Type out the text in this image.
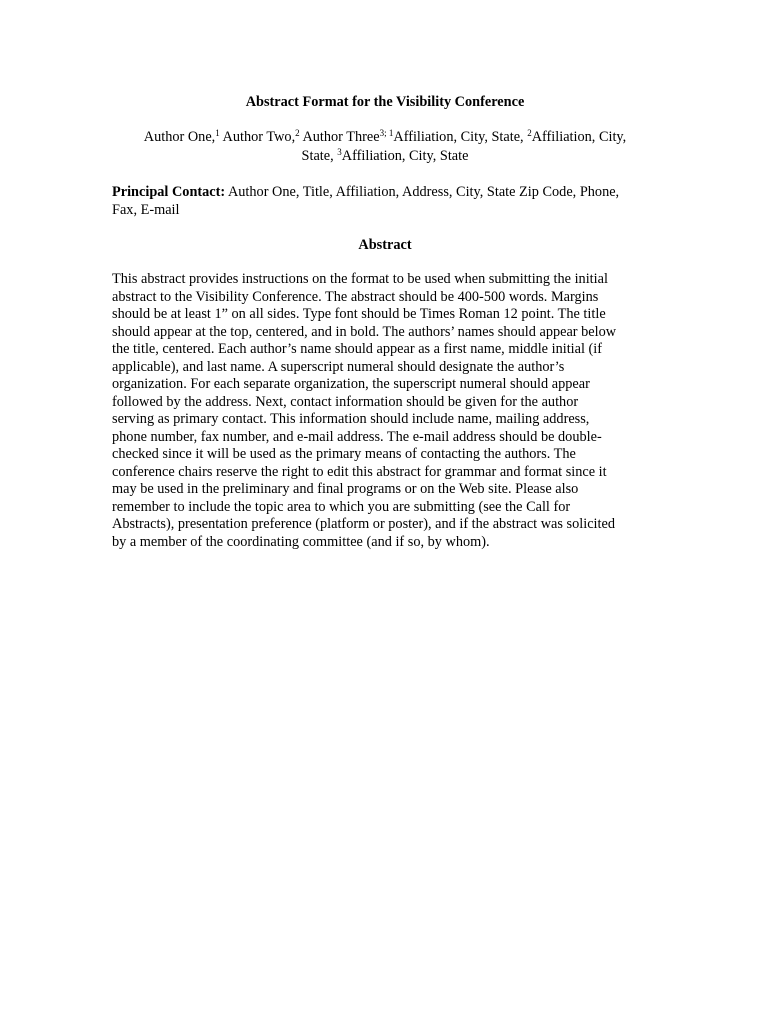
Abstract Format for the Visibility Conference
Author One,$^1$ Author Two,$^2$ Author Three$^{3; 1}$Affiliation, City, State, $^2$Affiliation, City,
State, $^3$Affiliation, City, State
Principal Contact: Author One, Title, Affiliation, Address, City, State Zip Code, Phone,
Fax, E-mail
Abstract
This abstract provides instructions on the format to be used when submitting the initial
abstract to the Visibility Conference. The abstract should be 400-500 words. Margins
should be at least 1” on all sides. Type font should be Times Roman 12 point. The title
should appear at the top, centered, and in bold. The authors’ names should appear below
the title, centered. Each author’s name should appear as a first name, middle initial (if
applicable), and last name. A superscript numeral should designate the author’s
organization. For each separate organization, the superscript numeral should appear
followed by the address. Next, contact information should be given for the author
serving as primary contact. This information should include name, mailing address,
phone number, fax number, and e-mail address. The e-mail address should be double-
checked since it will be used as the primary means of contacting the authors. The
conference chairs reserve the right to edit this abstract for grammar and format since it
may be used in the preliminary and final programs or on the Web site. Please also
remember to include the topic area to which you are submitting (see the Call for
Abstracts), presentation preference (platform or poster), and if the abstract was solicited
by a member of the coordinating committee (and if so, by whom).
